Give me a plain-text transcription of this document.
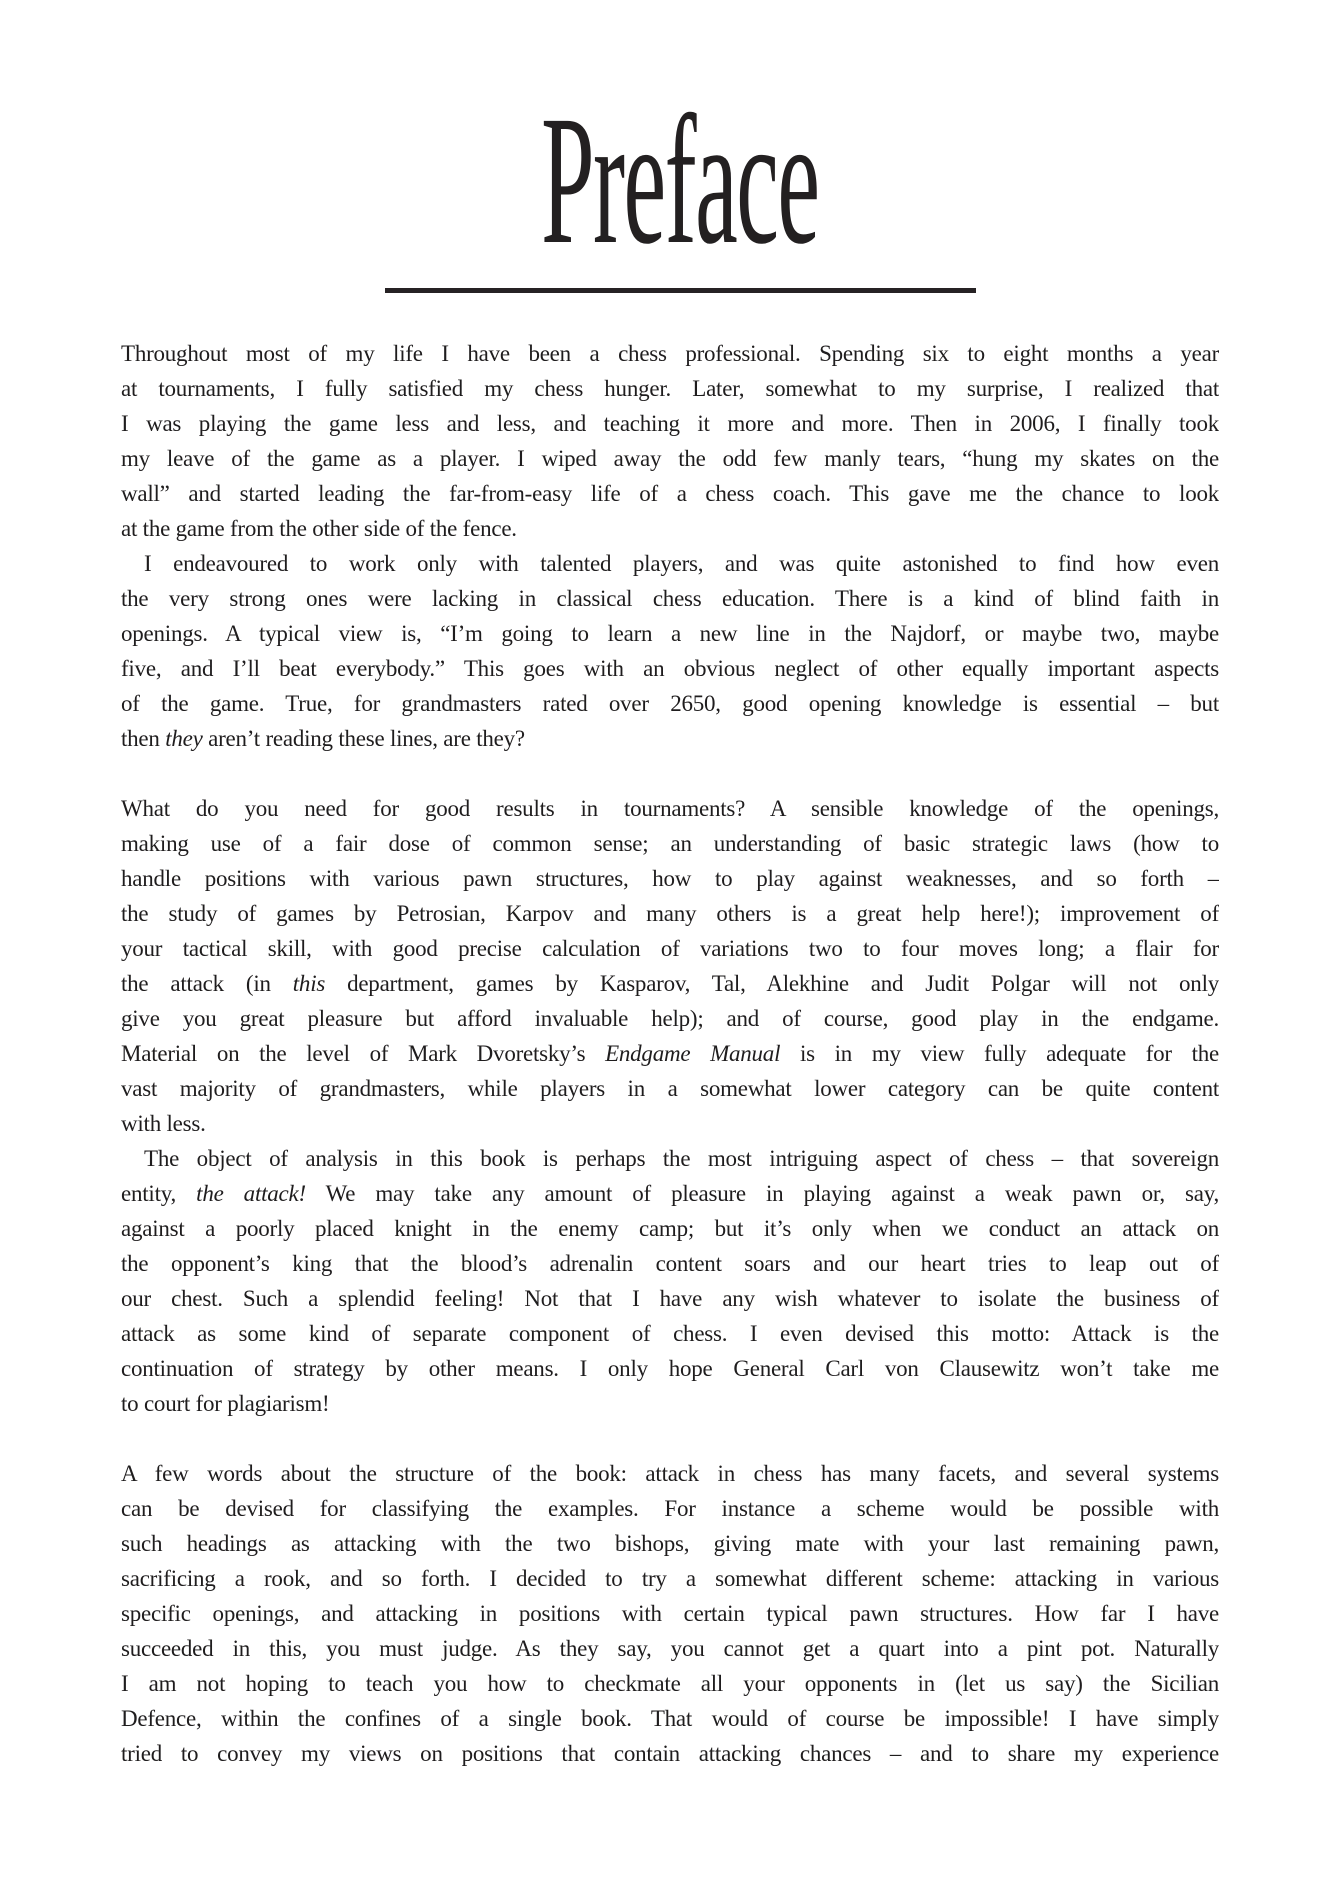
Preface
Throughout most of my life I have been a chess professional. Spending six to eight months a year
at tournaments, I fully satisfied my chess hunger. Later, somewhat to my surprise, I realized that
I was playing the game less and less, and teaching it more and more. Then in 2006, I finally took
my leave of the game as a player. I wiped away the odd few manly tears, “hung my skates on the
wall” and started leading the far-from-easy life of a chess coach. This gave me the chance to look
at the game from the other side of the fence.
I endeavoured to work only with talented players, and was quite astonished to find how even
the very strong ones were lacking in classical chess education. There is a kind of blind faith in
openings. A typical view is, “I’m going to learn a new line in the Najdorf, or maybe two, maybe
five, and I’ll beat everybody.” This goes with an obvious neglect of other equally important aspects
of the game. True, for grandmasters rated over 2650, good opening knowledge is essential – but
then they aren’t reading these lines, are they?
What do you need for good results in tournaments? A sensible knowledge of the openings,
making use of a fair dose of common sense; an understanding of basic strategic laws (how to
handle positions with various pawn structures, how to play against weaknesses, and so forth –
the study of games by Petrosian, Karpov and many others is a great help here!); improvement of
your tactical skill, with good precise calculation of variations two to four moves long; a flair for
the attack (in this department, games by Kasparov, Tal, Alekhine and Judit Polgar will not only
give you great pleasure but afford invaluable help); and of course, good play in the endgame.
Material on the level of Mark Dvoretsky’s Endgame Manual is in my view fully adequate for the
vast majority of grandmasters, while players in a somewhat lower category can be quite content
with less.
The object of analysis in this book is perhaps the most intriguing aspect of chess – that sovereign
entity, the attack! We may take any amount of pleasure in playing against a weak pawn or, say,
against a poorly placed knight in the enemy camp; but it’s only when we conduct an attack on
the opponent’s king that the blood’s adrenalin content soars and our heart tries to leap out of
our chest. Such a splendid feeling! Not that I have any wish whatever to isolate the business of
attack as some kind of separate component of chess. I even devised this motto: Attack is the
continuation of strategy by other means. I only hope General Carl von Clausewitz won’t take me
to court for plagiarism!
A few words about the structure of the book: attack in chess has many facets, and several systems
can be devised for classifying the examples. For instance a scheme would be possible with
such headings as attacking with the two bishops, giving mate with your last remaining pawn,
sacrificing a rook, and so forth. I decided to try a somewhat different scheme: attacking in various
specific openings, and attacking in positions with certain typical pawn structures. How far I have
succeeded in this, you must judge. As they say, you cannot get a quart into a pint pot. Naturally
I am not hoping to teach you how to checkmate all your opponents in (let us say) the Sicilian
Defence, within the confines of a single book. That would of course be impossible! I have simply
tried to convey my views on positions that contain attacking chances – and to share my experience
